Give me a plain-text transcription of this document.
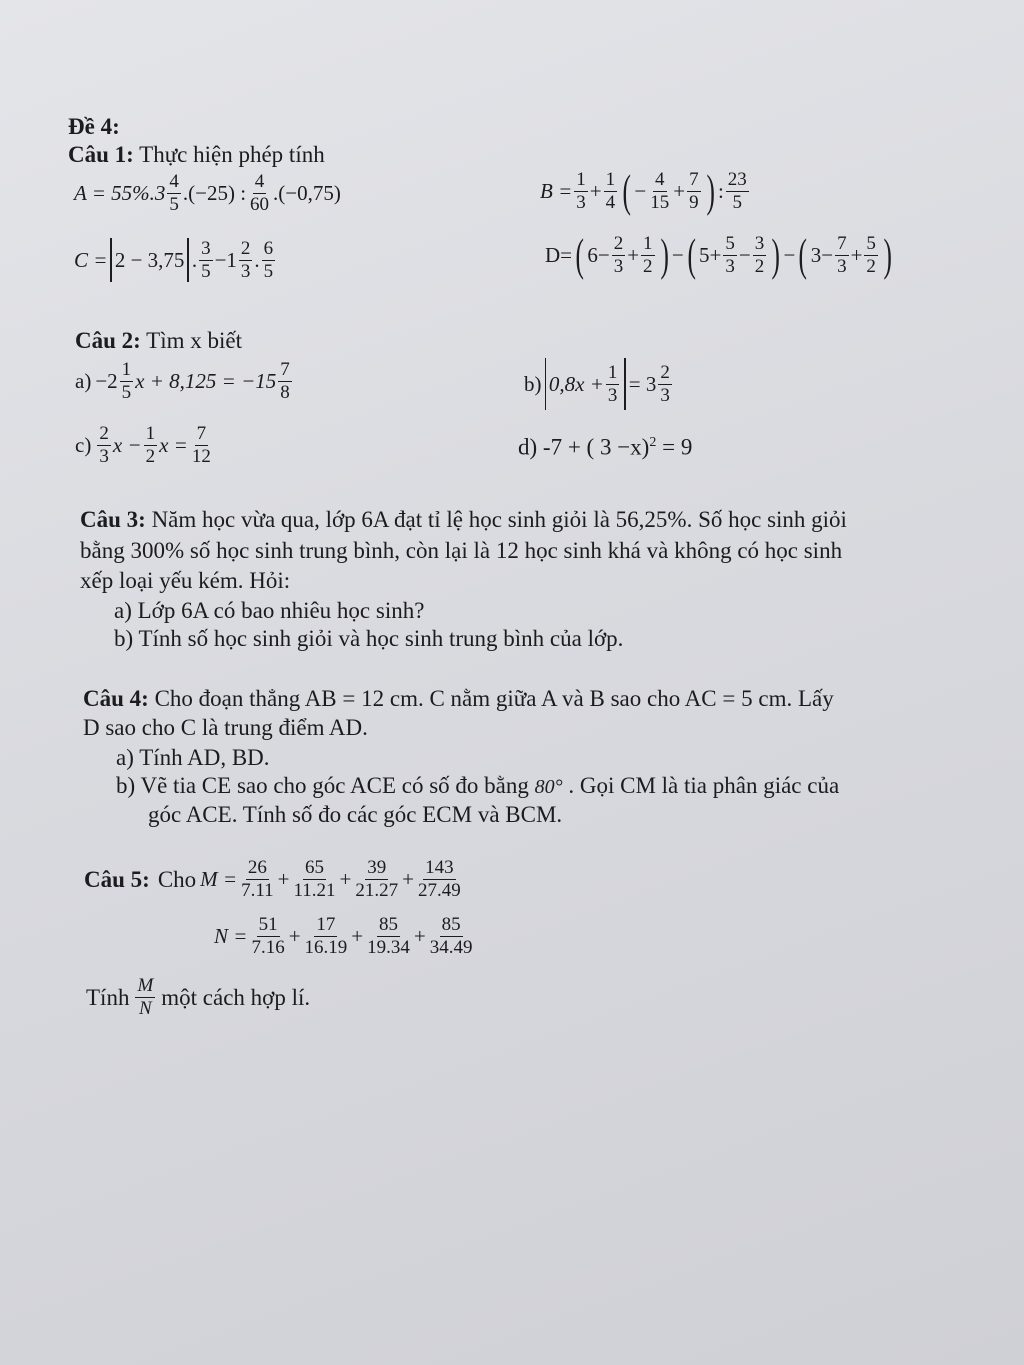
Đề 4:
Câu 1: Thực hiện phép tính
$A = 55\%.3 \frac{4}{5} .(-25)$ : $\frac{4}{60} .(-0,75)$	$B = \frac{1}{3} + \frac{1}{4}$ ( − $\frac{4}{15} + \frac{7}{9}$ ) : $\frac{23}{5}$
C = 2 − 3,75 . $\frac{3}{5} -1 \frac{2}{3}$ . $\frac{6}{5}$	D= ( $6- \frac{2}{3} + \frac{1}{2}$ ) − ( $5+ \frac{5}{3} - \frac{3}{2}$ ) − ( $3- \frac{7}{3} + \frac{5}{2}$ )
Câu 2: Tìm x biết
$a) -2 \frac{1}{5}$ $x + 8,125 = -15 \frac{7}{8}$	b) $0,8x + \frac{1}{3} = 3 \frac{2}{3}$
$c) \frac{2}{3}$ $x - \frac{1}{2}$ $x = \frac{7}{12}$	d) -7 + ( 3 −x)$^2$ = 9
Câu 3: Năm học vừa qua, lớp 6A đạt tỉ lệ học sinh giỏi là 56,25%. Số học sinh giỏi
bằng 300% số học sinh trung bình, còn lại là 12 học sinh khá và không có học sinh
xếp loại yếu kém. Hỏi:
a) Lớp 6A có bao nhiêu học sinh?
b) Tính số học sinh giỏi và học sinh trung bình của lớp.
Câu 4: Cho đoạn thẳng AB = 12 cm. C nằm giữa A và B sao cho AC = 5 cm. Lấy
D sao cho C là trung điểm AD.
a) Tính AD, BD.
b) Vẽ tia CE sao cho góc ACE có số đo bằng 80° . Gọi CM là tia phân giác của
góc ACE. Tính số đo các góc ECM và BCM.
Câu 5: Cho $M = \frac{26}{7.11} + \frac{65}{11.21} + \frac{39}{21.27} + \frac{143}{27.49}$
$N = \frac{51}{7.16} + \frac{17}{16.19} + \frac{85}{19.34} + \frac{85}{34.49}$
Tính $\frac{M}{N}$ một cách hợp lí.
